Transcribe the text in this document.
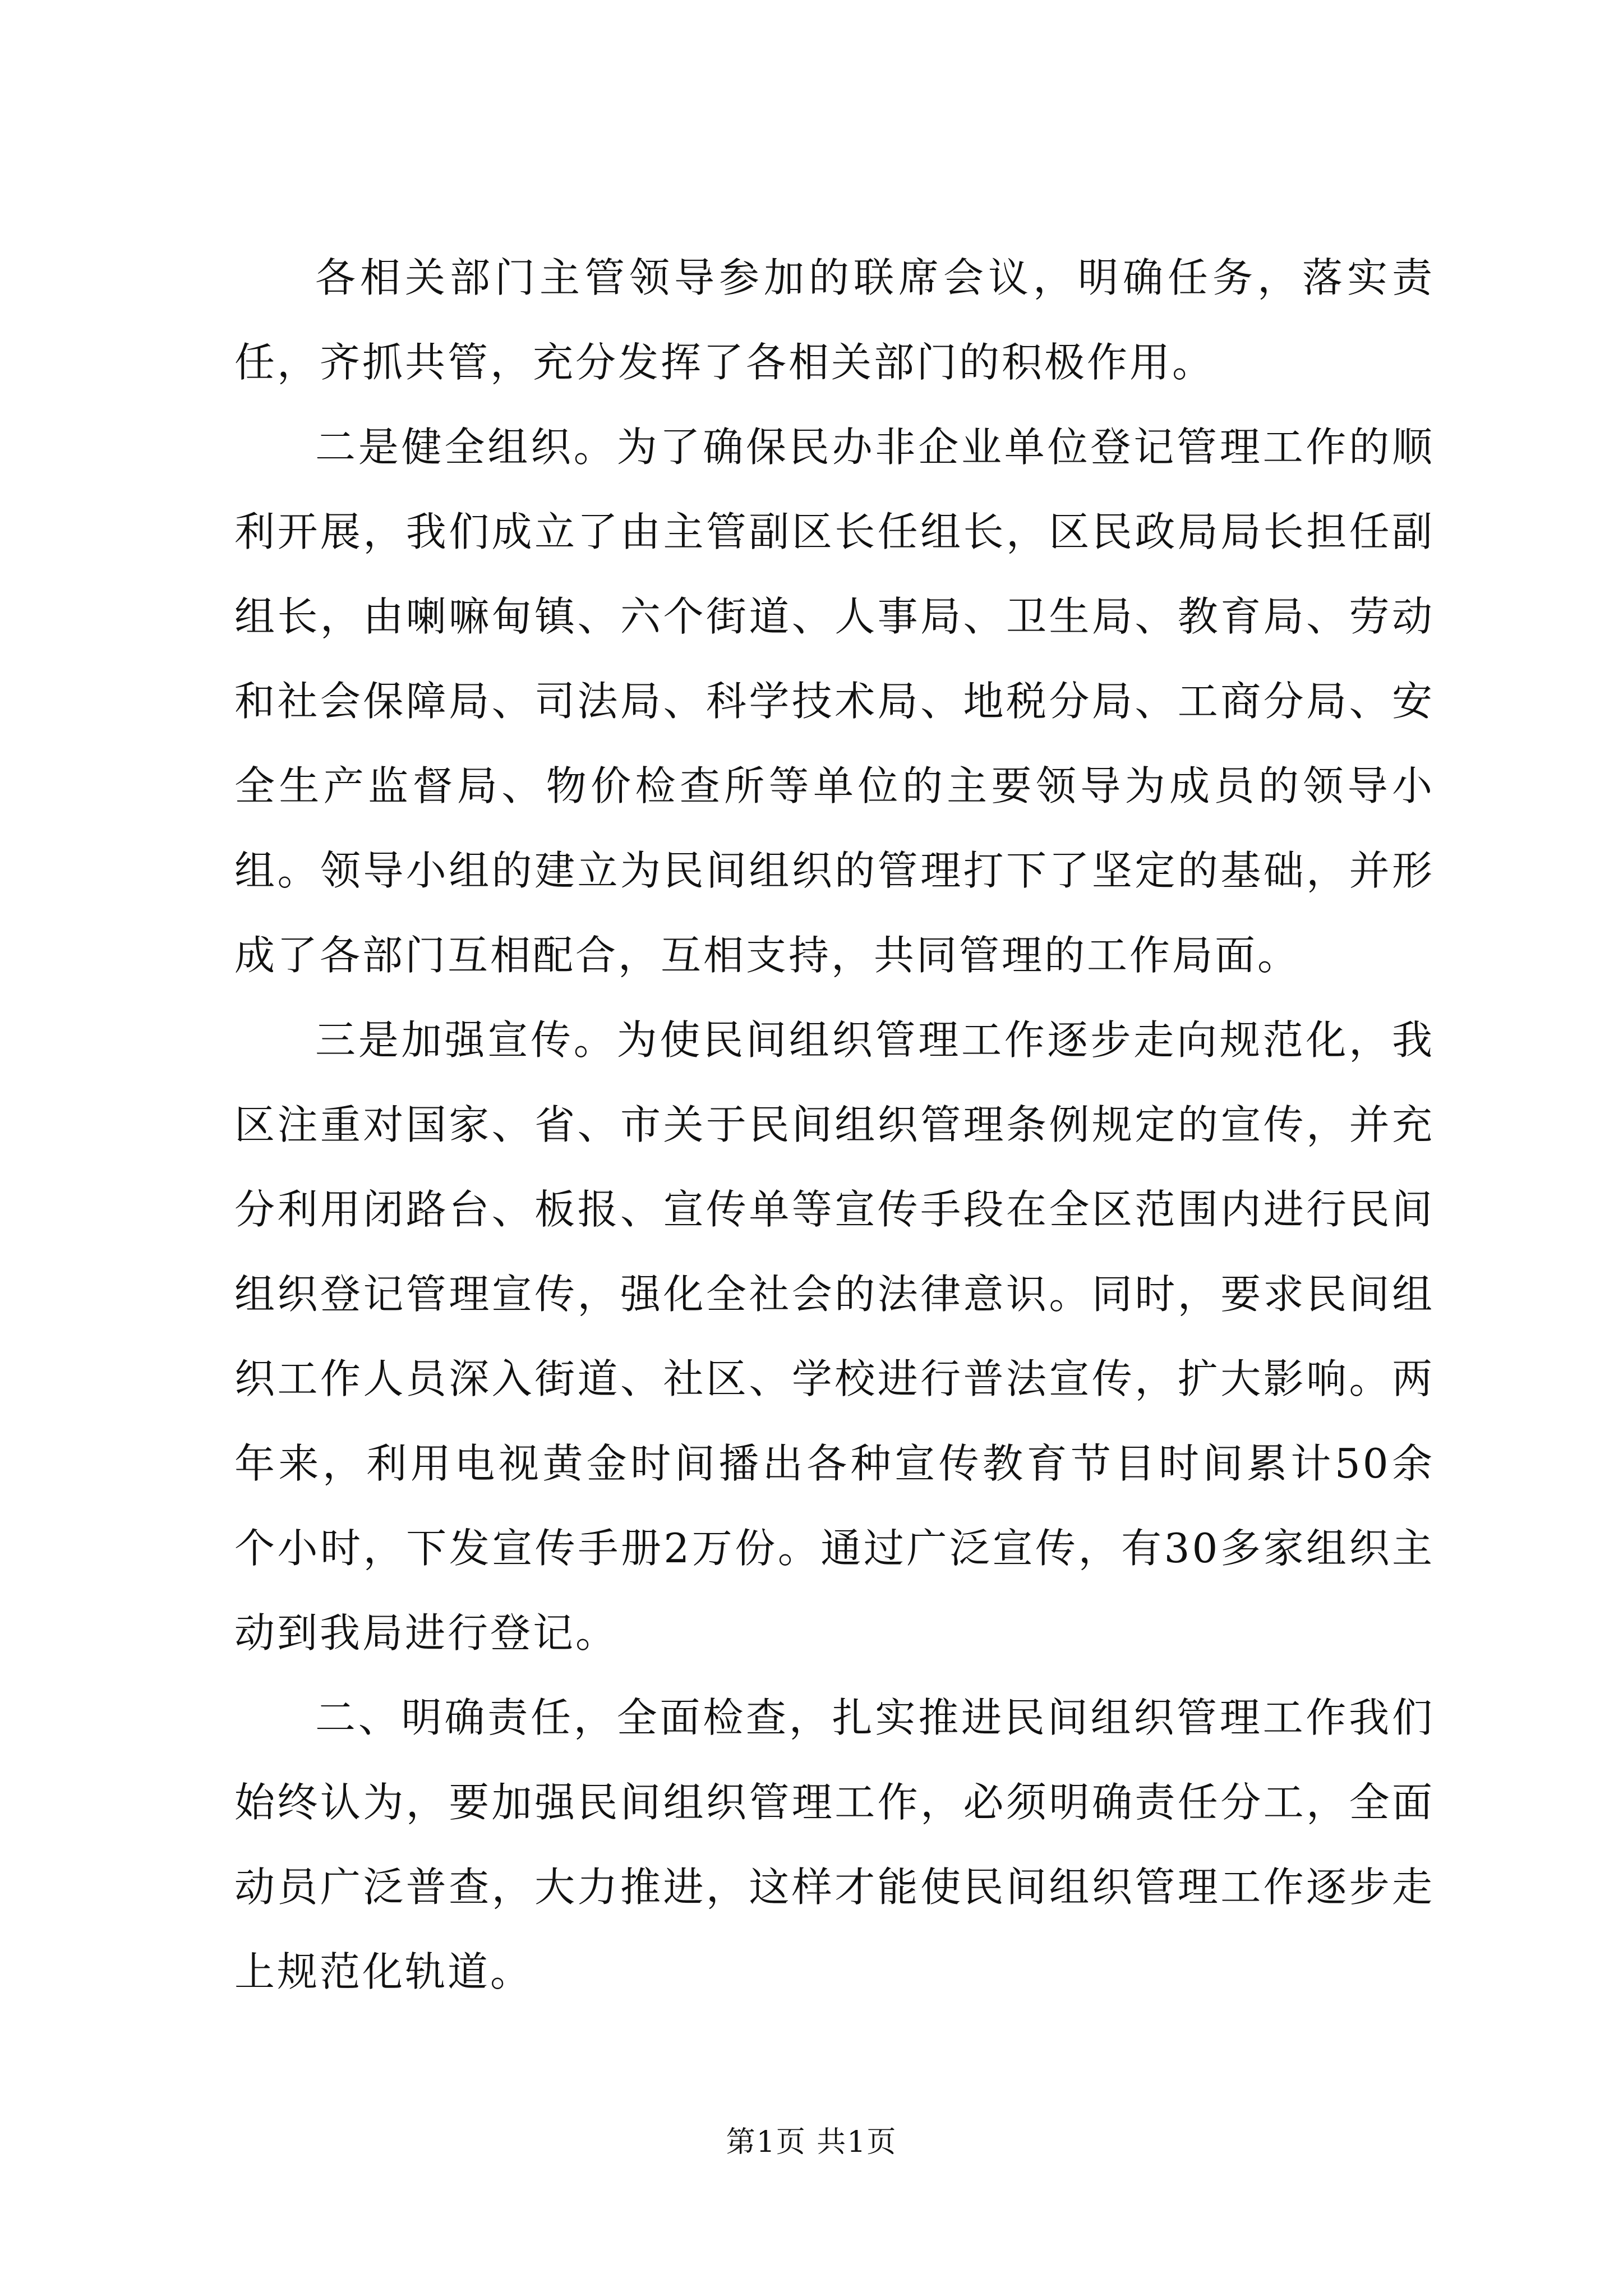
各相关部门主管领导参加的联席会议，明确任务，落实责任，齐抓共管，充分发挥了各相关部门的积极作用。

二是健全组织。为了确保民办非企业单位登记管理工作的顺利开展，我们成立了由主管副区长任组长，区民政局局长担任副组长，由喇嘛甸镇、六个街道、人事局、卫生局、教育局、劳动和社会保障局、司法局、科学技术局、地税分局、工商分局、安全生产监督局、物价检查所等单位的主要领导为成员的领导小组。领导小组的建立为民间组织的管理打下了坚定的基础，并形成了各部门互相配合，互相支持，共同管理的工作局面。

三是加强宣传。为使民间组织管理工作逐步走向规范化，我区注重对国家、省、市关于民间组织管理条例规定的宣传，并充分利用闭路台、板报、宣传单等宣传手段在全区范围内进行民间组织登记管理宣传，强化全社会的法律意识。同时，要求民间组织工作人员深入街道、社区、学校进行普法宣传，扩大影响。两年来，利用电视黄金时间播出各种宣传教育节目时间累计50余个小时，下发宣传手册2万份。通过广泛宣传，有30多家组织主动到我局进行登记。

二、明确责任，全面检查，扎实推进民间组织管理工作我们始终认为，要加强民间组织管理工作，必须明确责任分工，全面动员广泛普查，大力推进，这样才能使民间组织管理工作逐步走上规范化轨道。

第1页 共1页
